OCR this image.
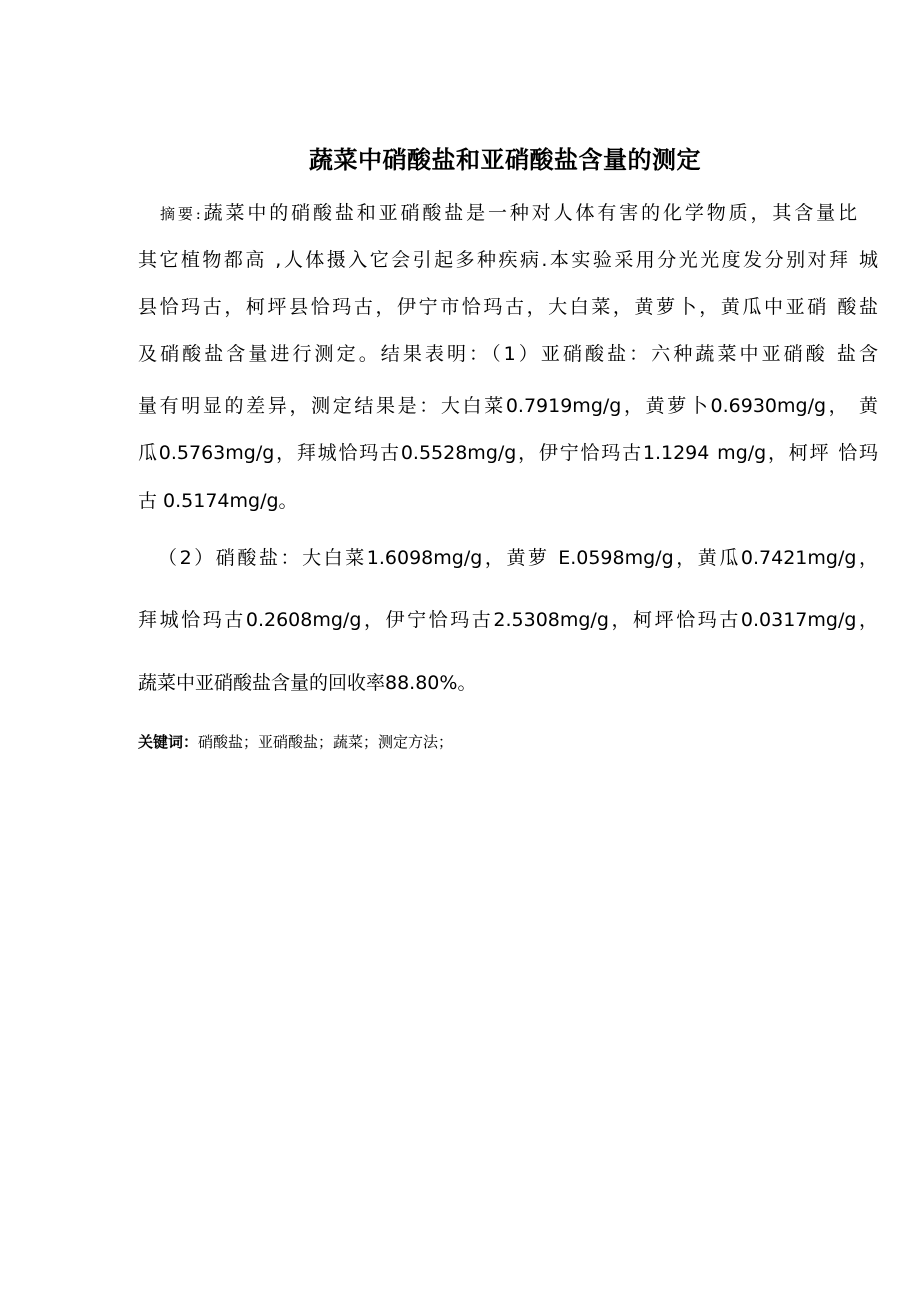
蔬菜中硝酸盐和亚硝酸盐含量的测定
摘要:蔬菜中的硝酸盐和亚硝酸盐是一种对人体有害的化学物质，其含量比
其它植物都高 ,人体摄入它会引起多种疾病.本实验采用分光光度发分别对拜 城
县恰玛古，柯坪县恰玛古，伊宁市恰玛古，大白菜，黄萝卜，黄瓜中亚硝 酸盐
及硝酸盐含量进行测定。结果表明：（1）亚硝酸盐：六种蔬菜中亚硝酸 盐含
量有明显的差异，测定结果是：大白菜0.7919mg/g，黄萝卜0.6930mg/g， 黄
瓜0.5763mg/g，拜城恰玛古0.5528mg/g，伊宁恰玛古1.1294 mg/g，柯坪 恰玛
古 0.5174mg/g。
（2）硝酸盐：大白菜1.6098mg/g，黄萝 E.0598mg/g，黄瓜0.7421mg/g，
拜城恰玛古0.2608mg/g，伊宁恰玛古2.5308mg/g，柯坪恰玛古0.0317mg/g，
蔬菜中亚硝酸盐含量的回收率88.80%。
关键词：硝酸盐；亚硝酸盐；蔬菜；测定方法；
